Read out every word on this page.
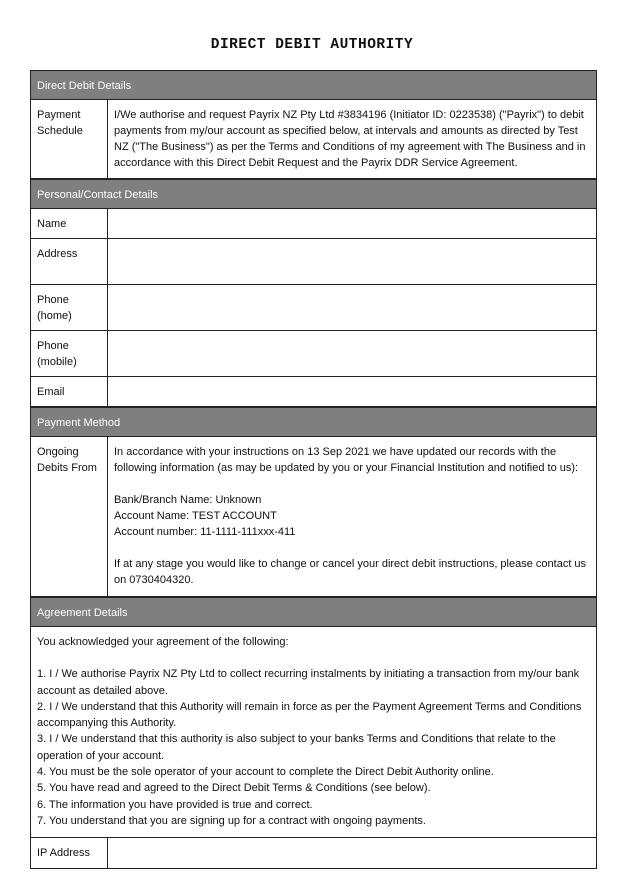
DIRECT DEBIT AUTHORITY
Direct Debit Details
Payment Schedule
I/We authorise and request Payrix NZ Pty Ltd #3834196 (Initiator ID: 0223538) ("Payrix") to debit payments from my/our account as specified below, at intervals and amounts as directed by Test NZ ("The Business") as per the Terms and Conditions of my agreement with The Business and in accordance with this Direct Debit Request and the Payrix DDR Service Agreement.
Personal/Contact Details
Name
Address
Phone (home)
Phone (mobile)
Email
Payment Method
Ongoing Debits From

In accordance with your instructions on 13 Sep 2021 we have updated our records with the following information (as may be updated by you or your Financial Institution and notified to us):

Bank/Branch Name: Unknown

Account Name: TEST ACCOUNT

Account number: 11-1111-111xxx-411

If at any stage you would like to change or cancel your direct debit instructions, please contact us on 0730404320.

Agreement Details

You acknowledged your agreement of the following:

1. I / We authorise Payrix NZ Pty Ltd to collect recurring instalments by initiating a transaction from my/our bank account as detailed above.

2. I / We understand that this Authority will remain in force as per the Payment Agreement Terms and Conditions accompanying this Authority.

3. I / We understand that this authority is also subject to your banks Terms and Conditions that relate to the operation of your account.

4. You must be the sole operator of your account to complete the Direct Debit Authority online.

5. You have read and agreed to the Direct Debit Terms & Conditions (see below).

6. The information you have provided is true and correct.

7. You understand that you are signing up for a contract with ongoing payments.

IP Address
